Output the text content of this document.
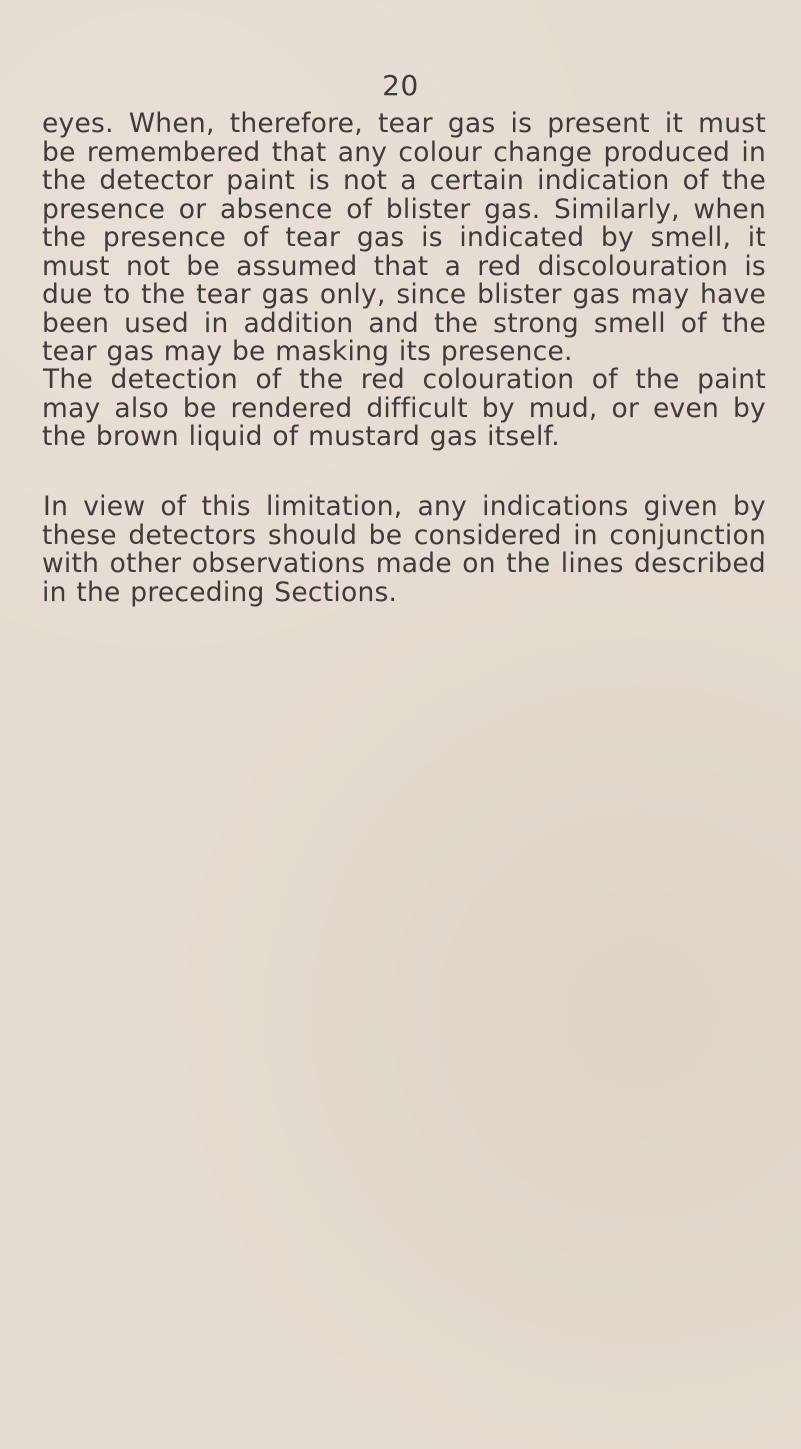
20

eyes. When, therefore, tear gas is present it must be remembered that any colour change produced in the detector paint is not a certain indication of the presence or absence of blister gas. Similarly, when the presence of tear gas is indicated by smell, it must not be assumed that a red discolouration is due to the tear gas only, since blister gas may have been used in addition and the strong smell of the tear gas may be masking its presence.

The detection of the red colouration of the paint may also be rendered difficult by mud, or even by the brown liquid of mustard gas itself.

In view of this limitation, any indications given by these detectors should be considered in conjunction with other observations made on the lines described in the preceding Sections.
